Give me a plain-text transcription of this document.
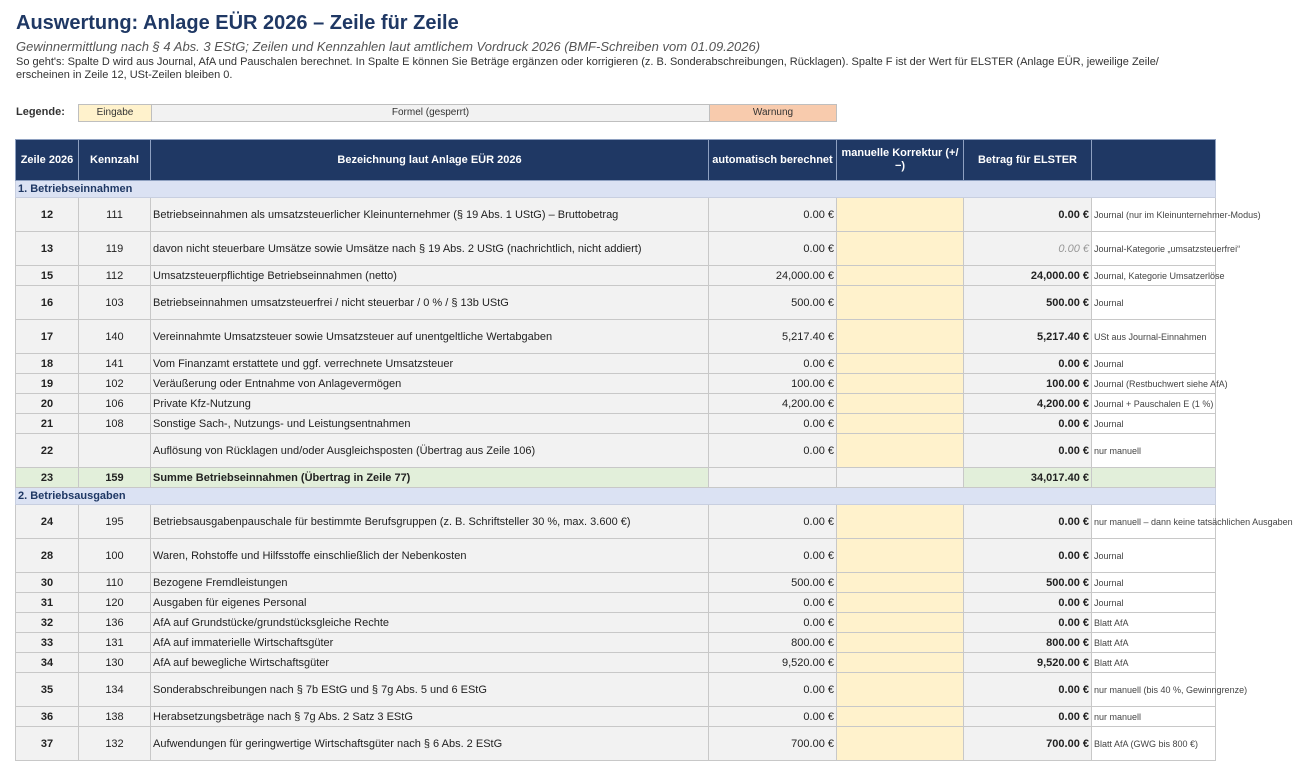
Auswertung: Anlage EÜR 2026 – Zeile für Zeile
Gewinnermittlung nach § 4 Abs. 3 EStG; Zeilen und Kennzahlen laut amtlichem Vordruck 2026 (BMF-Schreiben vom 01.09.2026)
So geht's: Spalte D wird aus Journal, AfA und Pauschalen berechnet. In Spalte E können Sie Beträge ergänzen oder korrigieren (z. B. Sonderabschreibungen, Rücklagen). Spalte F ist der Wert für ELSTER (Anlage EÜR, jeweilige Zeile/
erscheinen in Zeile 12, USt-Zeilen bleiben 0.
Legende:	Eingabe	Formel (gesperrt)	Warnung
Zeile 2026	Kennzahl	Bezeichnung laut Anlage EÜR 2026	automatisch berechnet	manuelle Korrektur (+/−)	Betrag für ELSTER	
1. Betriebseinnahmen						
12	111	Betriebseinnahmen als umsatzsteuerlicher Kleinunternehmer (§ 19 Abs. 1 UStG) – Bruttobetrag	0.00 €		0.00 €	Journal (nur im Kleinunternehmer-Modus)
13	119	davon nicht steuerbare Umsätze sowie Umsätze nach § 19 Abs. 2 UStG (nachrichtlich, nicht addiert)	0.00 €		0.00 €	Journal-Kategorie „umsatzsteuerfrei“
15	112	Umsatzsteuerpflichtige Betriebseinnahmen (netto)	24,000.00 €		24,000.00 €	Journal, Kategorie Umsatzerlöse
16	103	Betriebseinnahmen umsatzsteuerfrei / nicht steuerbar / 0 % / § 13b UStG	500.00 €		500.00 €	Journal
17	140	Vereinnahmte Umsatzsteuer sowie Umsatzsteuer auf unentgeltliche Wertabgaben	5,217.40 €		5,217.40 €	USt aus Journal-Einnahmen
18	141	Vom Finanzamt erstattete und ggf. verrechnete Umsatzsteuer	0.00 €		0.00 €	Journal
19	102	Veräußerung oder Entnahme von Anlagevermögen	100.00 €		100.00 €	Journal (Restbuchwert siehe AfA)
20	106	Private Kfz-Nutzung	4,200.00 €		4,200.00 €	Journal + Pauschalen E (1 %)
21	108	Sonstige Sach-, Nutzungs- und Leistungsentnahmen	0.00 €		0.00 €	Journal
22		Auflösung von Rücklagen und/oder Ausgleichsposten (Übertrag aus Zeile 106)	0.00 €		0.00 €	nur manuell
23	159	Summe Betriebseinnahmen (Übertrag in Zeile 77)			34,017.40 €	
2. Betriebsausgaben						
24	195	Betriebsausgabenpauschale für bestimmte Berufsgruppen (z. B. Schriftsteller 30 %, max. 3.600 €)	0.00 €		0.00 €	nur manuell – dann keine tatsächlichen Ausgaben
28	100	Waren, Rohstoffe und Hilfsstoffe einschließlich der Nebenkosten	0.00 €		0.00 €	Journal
30	110	Bezogene Fremdleistungen	500.00 €		500.00 €	Journal
31	120	Ausgaben für eigenes Personal	0.00 €		0.00 €	Journal
32	136	AfA auf Grundstücke/grundstücksgleiche Rechte	0.00 €		0.00 €	Blatt AfA
33	131	AfA auf immaterielle Wirtschaftsgüter	800.00 €		800.00 €	Blatt AfA
34	130	AfA auf bewegliche Wirtschaftsgüter	9,520.00 €		9,520.00 €	Blatt AfA
35	134	Sonderabschreibungen nach § 7b EStG und § 7g Abs. 5 und 6 EStG	0.00 €		0.00 €	nur manuell (bis 40 %, Gewinngrenze)
36	138	Herabsetzungsbeträge nach § 7g Abs. 2 Satz 3 EStG	0.00 €		0.00 €	nur manuell
37	132	Aufwendungen für geringwertige Wirtschaftsgüter nach § 6 Abs. 2 EStG	700.00 €		700.00 €	Blatt AfA (GWG bis 800 €)
